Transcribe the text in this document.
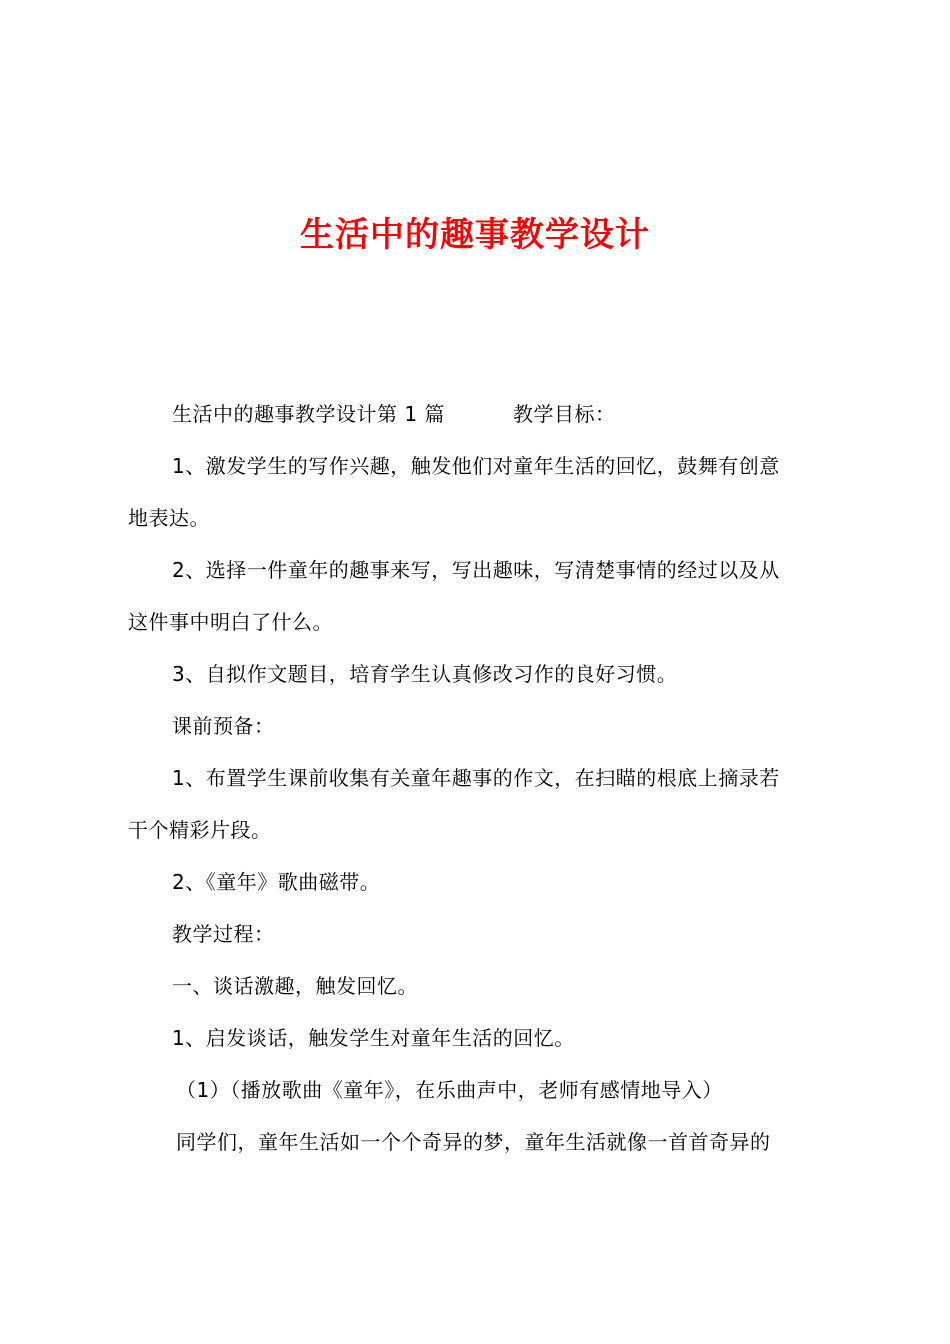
生活中的趣事教学设计
生活中的趣事教学设计第 1 篇	教学目标：
1、激发学生的写作兴趣，触发他们对童年生活的回忆，鼓舞有创意
地表达。
2、选择一件童年的趣事来写，写出趣味，写清楚事情的经过以及从
这件事中明白了什么。
3、自拟作文题目，培育学生认真修改习作的良好习惯。
课前预备：
1、布置学生课前收集有关童年趣事的作文，在扫瞄的根底上摘录若
干个精彩片段。
2、《童年》歌曲磁带。
教学过程：
一、谈话激趣，触发回忆。
1、启发谈话，触发学生对童年生活的回忆。
（1）（播放歌曲《童年》，在乐曲声中，老师有感情地导入）
同学们，童年生活如一个个奇异的梦，童年生活就像一首首奇异的
